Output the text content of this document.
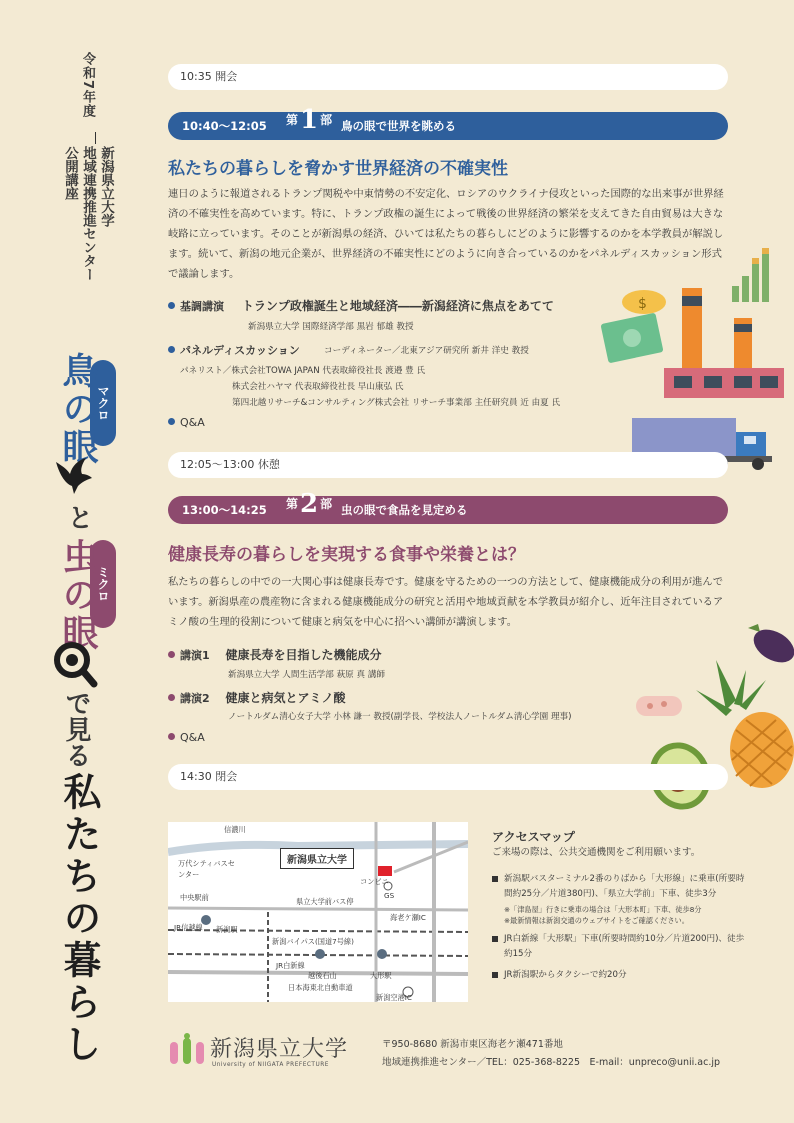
令和7年度
新潟県立大学
地域連携推進センター
公開講座
マクロ
鳥の眼
と
ミクロ
虫の眼
で見る
私たちの暮らし
10:35 開会
10:40～12:05 第1 部 鳥の眼で世界を眺める
私たちの暮らしを脅かす世界経済の不確実性

連日のように報道されるトランプ関税や中東情勢の不安定化、ロシアのウクライナ侵攻といった国際的な出来事が世界経済の不確実性を高めています。特に、トランプ政権の誕生によって戦後の世界経済の繁栄を支えてきた自由貿易は大きな岐路に立っています。そのことが新潟県の経済、ひいては私たちの暮らしにどのように影響するのかを本学教員が解説します。続いて、新潟の地元企業が、世界経済の不確実性にどのように向き合っているのかをパネルディスカッション形式で議論します。

基調講演 トランプ政権誕生と地域経済――新潟経済に焦点をあてて
新潟県立大学 国際経済学部 黒岩 郁雄 教授
パネルディスカッション	コーディネーター／北東アジア研究所 新井 洋史 教授
パネリスト／株式会社TOWA JAPAN 代表取締役社長 渡邉 豊 氏
株式会社ハヤマ 代表取締役社長 早山康弘 氏
第四北越リサーチ&コンサルティング株式会社 リサーチ事業部 主任研究員 近 由夏 氏
Q&A
$
12:05～13:00 休憩
13:00～14:25 第2 部 虫の眼で食品を見定める
健康長寿の暮らしを実現する食事や栄養とは？

私たちの暮らしの中での一大関心事は健康長寿です。健康を守るための一つの方法として、健康機能成分の利用が進んでいます。新潟県産の農産物に含まれる健康機能成分の研究と活用や地域貢献を本学教員が紹介し、近年注目されているアミノ酸の生理的役割について健康と病気を中心に招へい講師が講演します。

講演1 健康長寿を目指した機能成分
新潟県立大学 人間生活学部 萩原 真 講師
講演2 健康と病気とアミノ酸
ノートルダム清心女子大学 小林 謙一 教授(副学長、学校法人ノートルダム清心学園 理事)
Q&A
14:30 閉会
新潟県立大学
信濃川
万代シティバスセンター
中央駅前
JR信越線 新潟駅
県立大学前バス停
コンビニ
GS
海老ケ瀬IC
新潟バイパス(国道7号線)
JR白新線
越後石山	大形駅
日本海東北自動車道
新潟空港IC
アクセスマップ
ご来場の際は、公共交通機関をご利用願います。
新潟駅バスターミナル2番のりばから「大形線」に乗車(所要時間約25分／片道380円)、「県立大学前」下車、徒歩3分
※「津島屋」行きに乗車の場合は「大形本町」下車、徒歩8分
※最新情報は新潟交通のウェブサイトをご確認ください。
JR白新線「大形駅」下車(所要時間約10分／片道200円)、徒歩約15分
JR新潟駅からタクシーで約20分
新潟県立大学
University of NIIGATA PREFECTURE
〒950-8680 新潟市東区海老ケ瀬471番地
地域連携推進センター／TEL：025-368-8225　E-mail：unpreco@unii.ac.jp
